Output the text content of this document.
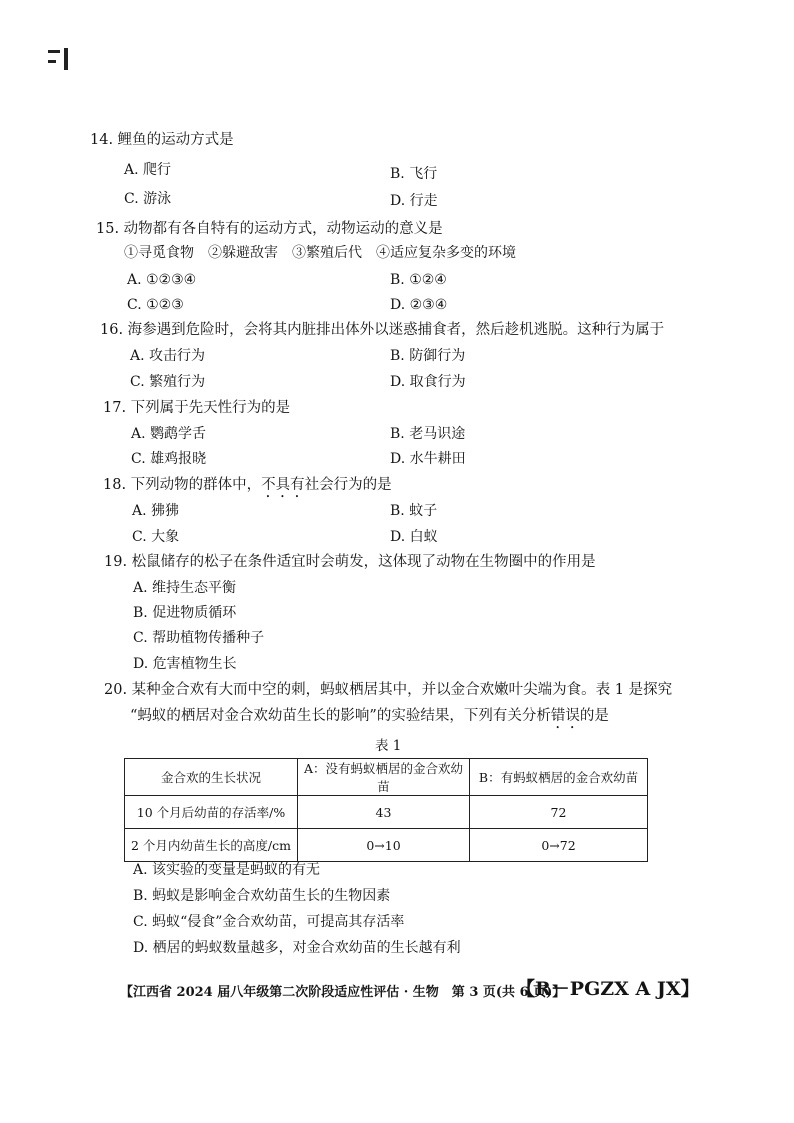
14. 鲤鱼的运动方式是
A. 爬行	B. 飞行
C. 游泳	D. 行走
15. 动物都有各自特有的运动方式，动物运动的意义是
①寻觅食物　②躲避敌害　③繁殖后代　④适应复杂多变的环境
A. ①②③④	B. ①②④
C. ①②③	D. ②③④
16. 海参遇到危险时，会将其内脏排出体外以迷惑捕食者，然后趁机逃脱。这种行为属于
A. 攻击行为	B. 防御行为
C. 繁殖行为	D. 取食行为
17. 下列属于先天性行为的是
A. 鹦鹉学舌	B. 老马识途
C. 雄鸡报晓	D. 水牛耕田
18. 下列动物的群体中，不具有社会行为的是
A. 狒狒	B. 蚊子
C. 大象	D. 白蚁
19. 松鼠储存的松子在条件适宜时会萌发，这体现了动物在生物圈中的作用是
A. 维持生态平衡
B. 促进物质循环
C. 帮助植物传播种子
D. 危害植物生长
20. 某种金合欢有大而中空的刺，蚂蚁栖居其中，并以金合欢嫩叶尖端为食。表 1 是探究
“蚂蚁的栖居对金合欢幼苗生长的影响”的实验结果，下列有关分析错误的是
表 1
金合欢的生长状况	A：没有蚂蚁栖居的金合欢幼苗	B：有蚂蚁栖居的金合欢幼苗
10 个月后幼苗的存活率/%	43	72
2 个月内幼苗生长的高度/cm	0→10	0→72
A. 该实验的变量是蚂蚁的有无
B. 蚂蚁是影响金合欢幼苗生长的生物因素
C. 蚂蚁“侵食”金合欢幼苗，可提高其存活率
D. 栖居的蚂蚁数量越多，对金合欢幼苗的生长越有利
【江西省 2024 届八年级第二次阶段适应性评估 · 生物　第 3 页(共 6 页)】
【R－PGZX A JX】
